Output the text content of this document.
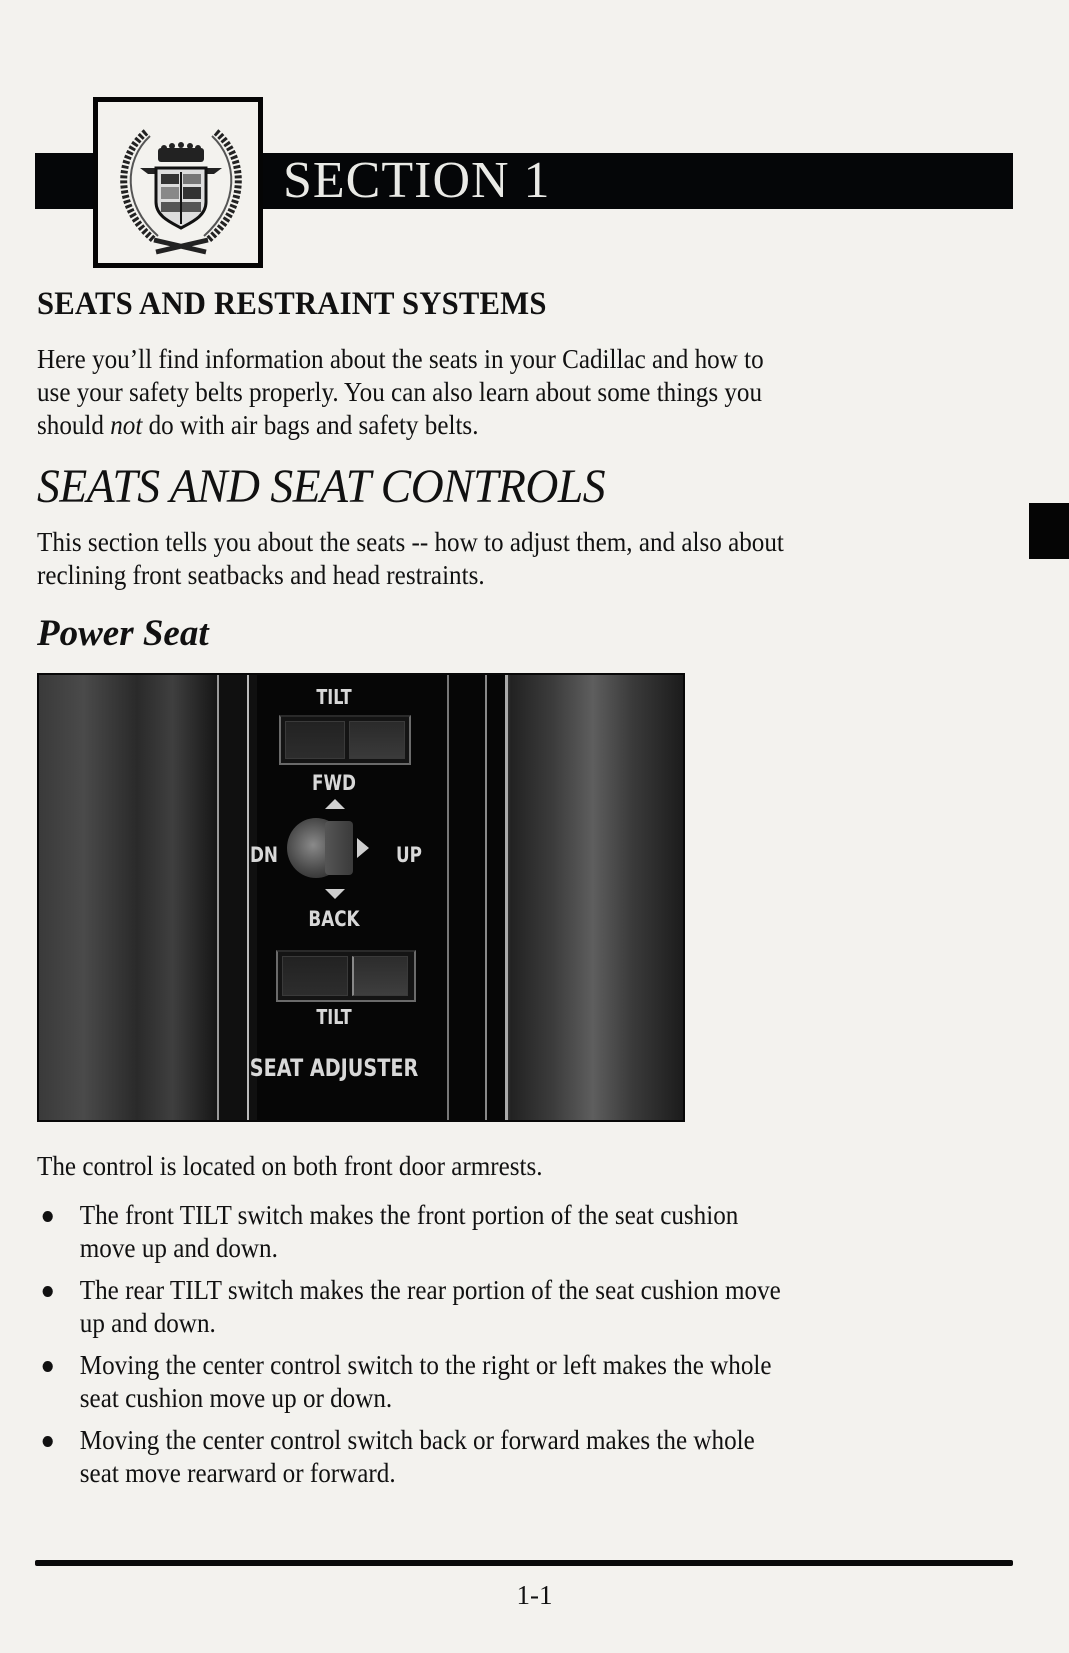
SECTION 1
SEATS AND RESTRAINT SYSTEMS
Here you’ll find information about the seats in your Cadillac and how to
use your safety belts properly. You can also learn about some things you
should not do with air bags and safety belts.
SEATS AND SEAT CONTROLS
This section tells you about the seats -- how to adjust them, and also about
reclining front seatbacks and head restraints.
Power Seat
TILT
FWD
DN	UP
BACK
TILT
SEAT ADJUSTER
The control is located on both front door armrests.
The front TILT switch makes the front portion of the seat cushion
move up and down.
The rear TILT switch makes the rear portion of the seat cushion move
up and down.
Moving the center control switch to the right or left makes the whole
seat cushion move up or down.
Moving the center control switch back or forward makes the whole
seat move rearward or forward.
1-1
